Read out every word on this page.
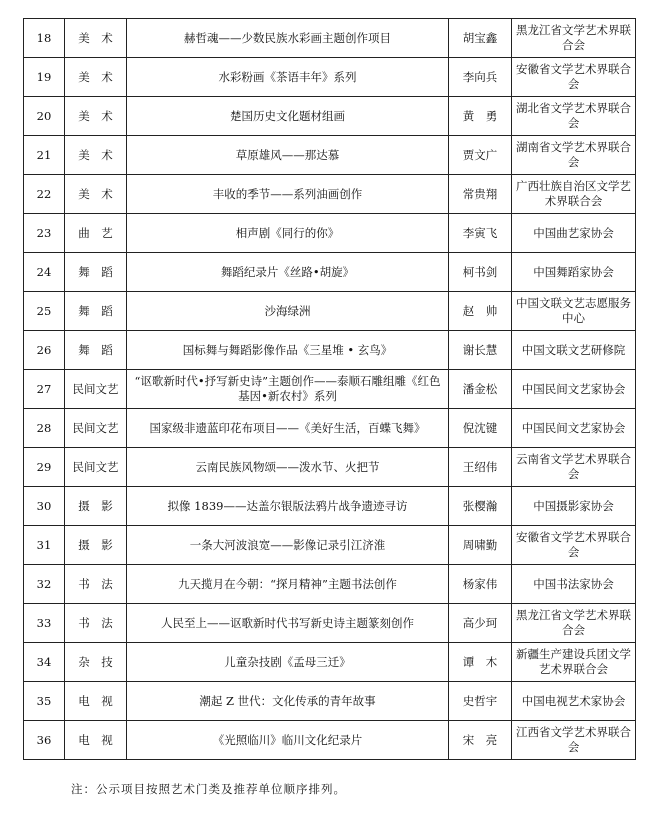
18	美　术	赫哲魂——少数民族水彩画主题创作项目	胡宝鑫	黑龙江省文学艺术界联合会
19	美　术	水彩粉画《茶语丰年》系列	李向兵	安徽省文学艺术界联合会
20	美　术	楚国历史文化题材组画	黄　勇	湖北省文学艺术界联合会
21	美　术	草原雄风——那达慕	贾文广	湖南省文学艺术界联合会
22	美　术	丰收的季节——系列油画创作	常贵翔	广西壮族自治区文学艺术界联合会
23	曲　艺	相声剧《同行的你》	李寅飞	中国曲艺家协会
24	舞　蹈	舞蹈纪录片《丝路•胡旋》	柯书剑	中国舞蹈家协会
25	舞　蹈	沙海绿洲	赵　帅	中国文联文艺志愿服务中心
26	舞　蹈	国标舞与舞蹈影像作品《三星堆 • 玄鸟》	谢长慧	中国文联文艺研修院
27	民间文艺	“讴歌新时代•抒写新史诗”主题创作——泰顺石雕组雕《红色基因•新农村》系列	潘金松	中国民间文艺家协会
28	民间文艺	国家级非遗蓝印花布项目——《美好生活，百蝶飞舞》	倪沈键	中国民间文艺家协会
29	民间文艺	云南民族风物颂——泼水节、火把节	王绍伟	云南省文学艺术界联合会
30	摄　影	拟像 1839——达盖尔银版法鸦片战争遗迹寻访	张樱瀚	中国摄影家协会
31	摄　影	一条大河波浪宽——影像记录引江济淮	周啸勤	安徽省文学艺术界联合会
32	书　法	九天揽月在今朝：“探月精神”主题书法创作	杨家伟	中国书法家协会
33	书　法	人民至上——讴歌新时代书写新史诗主题篆刻创作	高少珂	黑龙江省文学艺术界联合会
34	杂　技	儿童杂技剧《孟母三迁》	谭　木	新疆生产建设兵团文学艺术界联合会
35	电　视	潮起 Z 世代：文化传承的青年故事	史哲宇	中国电视艺术家协会
36	电　视	《光照临川》临川文化纪录片	宋　亮	江西省文学艺术界联合会
注：公示项目按照艺术门类及推荐单位顺序排列。
